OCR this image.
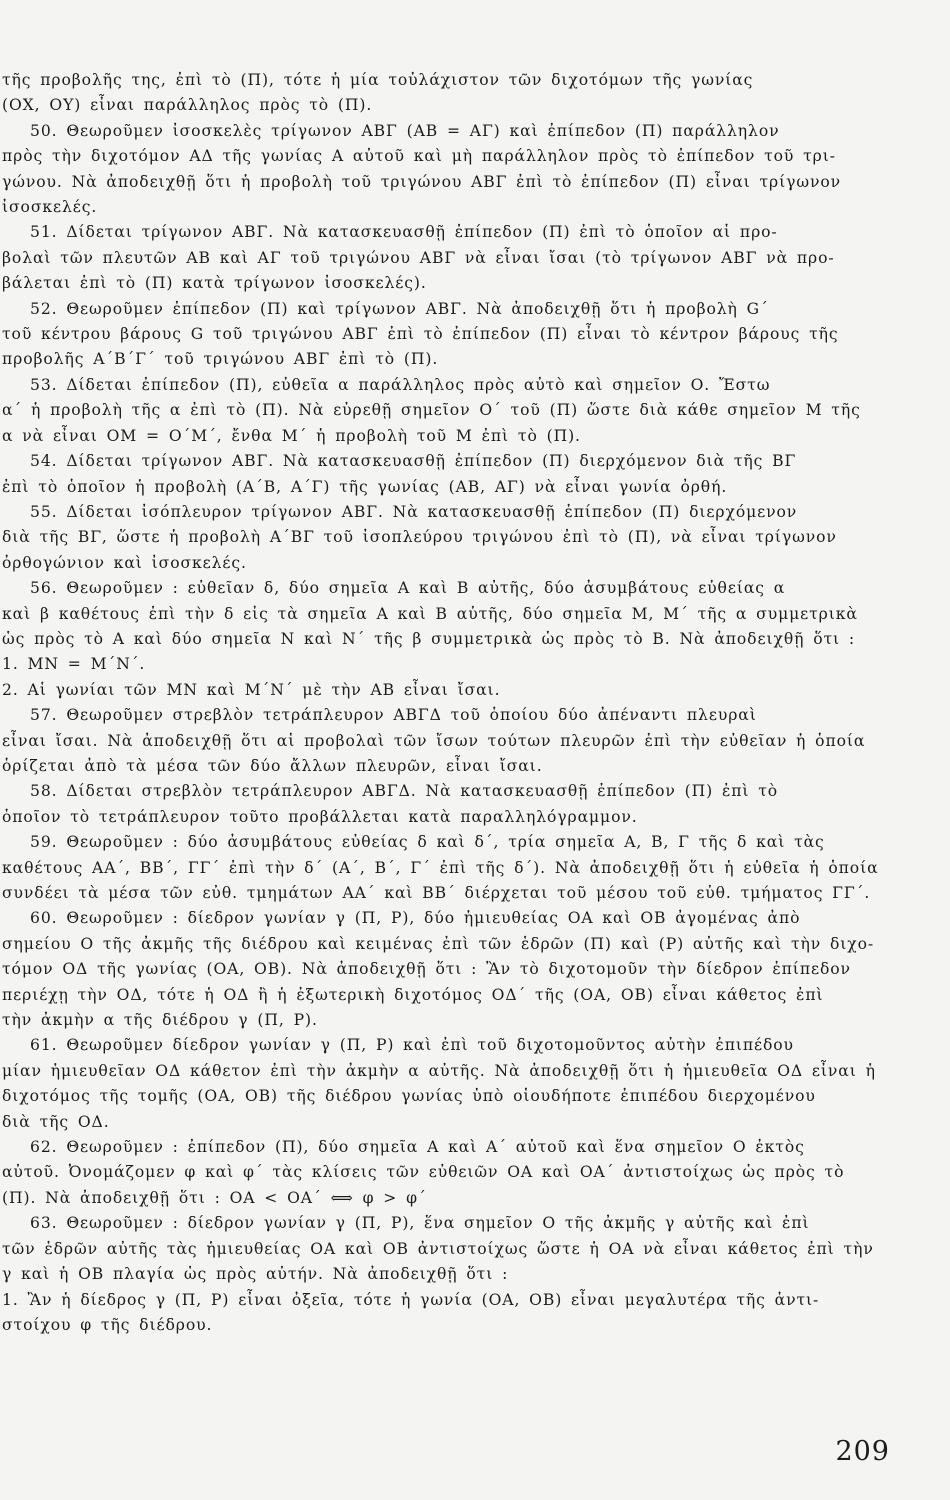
τῆς προβολῆς της, ἐπὶ τὸ (Π), τότε ἡ μία τοὐλάχιστον τῶν διχοτόμων τῆς γωνίας
(ΟΧ, ΟΥ) εἶναι παράλληλος πρὸς τὸ (Π).
50. Θεωροῦμεν ἰσοσκελὲς τρίγωνον ΑΒΓ (ΑΒ = ΑΓ) καὶ ἐπίπεδον (Π) παράλληλον
πρὸς τὴν διχοτόμον ΑΔ τῆς γωνίας Α αὐτοῦ καὶ μὴ παράλληλον πρὸς τὸ ἐπίπεδον τοῦ τρι-
γώνου. Νὰ ἀποδειχθῇ ὅτι ἡ προβολὴ τοῦ τριγώνου ΑΒΓ ἐπὶ τὸ ἐπίπεδον (Π) εἶναι τρίγωνον
ἰσοσκελές.
51. Δίδεται τρίγωνον ΑΒΓ. Νὰ κατασκευασθῇ ἐπίπεδον (Π) ἐπὶ τὸ ὁποῖον αἱ προ-
βολαὶ τῶν πλευτῶν ΑΒ καὶ ΑΓ τοῦ τριγώνου ΑΒΓ νὰ εἶναι ἴσαι (τὸ τρίγωνον ΑΒΓ νὰ προ-
βάλεται ἐπὶ τὸ (Π) κατὰ τρίγωνον ἰσοσκελές).
52. Θεωροῦμεν ἐπίπεδον (Π) καὶ τρίγωνον ΑΒΓ. Νὰ ἀποδειχθῇ ὅτι ἡ προβολὴ G΄
τοῦ κέντρου βάρους G τοῦ τριγώνου ΑΒΓ ἐπὶ τὸ ἐπίπεδον (Π) εἶναι τὸ κέντρον βάρους τῆς
προβολῆς Α΄Β΄Γ΄ τοῦ τριγώνου ΑΒΓ ἐπὶ τὸ (Π).
53. Δίδεται ἐπίπεδον (Π), εὐθεῖα α παράλληλος πρὸς αὐτὸ καὶ σημεῖον Ο. Ἔστω
α΄ ἡ προβολὴ τῆς α ἐπὶ τὸ (Π). Νὰ εὑρεθῇ σημεῖον Ο΄ τοῦ (Π) ὥστε διὰ κάθε σημεῖον Μ τῆς
α νὰ εἶναι ΟΜ = Ο΄Μ΄, ἔνθα Μ΄ ἡ προβολὴ τοῦ Μ ἐπὶ τὸ (Π).
54. Δίδεται τρίγωνον ΑΒΓ. Νὰ κατασκευασθῇ ἐπίπεδον (Π) διερχόμενον διὰ τῆς ΒΓ
ἐπὶ τὸ ὁποῖον ἡ προβολὴ (Α΄Β, Α΄Γ) τῆς γωνίας (ΑΒ, ΑΓ) νὰ εἶναι γωνία ὀρθή.
55. Δίδεται ἰσόπλευρον τρίγωνον ΑΒΓ. Νὰ κατασκευασθῇ ἐπίπεδον (Π) διερχόμενον
διὰ τῆς ΒΓ, ὥστε ἡ προβολὴ Α΄ΒΓ τοῦ ἰσοπλεύρου τριγώνου ἐπὶ τὸ (Π), νὰ εἶναι τρίγωνον
ὀρθογώνιον καὶ ἰσοσκελές.
56. Θεωροῦμεν : εὐθεῖαν δ, δύο σημεῖα Α καὶ Β αὐτῆς, δύο ἀσυμβάτους εὐθείας α
καὶ β καθέτους ἐπὶ τὴν δ εἰς τὰ σημεῖα Α καὶ Β αὐτῆς, δύο σημεῖα Μ, Μ΄ τῆς α συμμετρικὰ
ὡς πρὸς τὸ Α καὶ δύο σημεῖα Ν καὶ Ν΄ τῆς β συμμετρικὰ ὡς πρὸς τὸ Β. Νὰ ἀποδειχθῇ ὅτι :
1. ΜΝ = Μ΄Ν΄.
2. Αἱ γωνίαι τῶν ΜΝ καὶ Μ΄Ν΄ μὲ τὴν ΑΒ εἶναι ἴσαι.
57. Θεωροῦμεν στρεβλὸν τετράπλευρον ΑΒΓΔ τοῦ ὁποίου δύο ἀπέναντι πλευραὶ
εἶναι ἴσαι. Νὰ ἀποδειχθῇ ὅτι αἱ προβολαὶ τῶν ἴσων τούτων πλευρῶν ἐπὶ τὴν εὐθεῖαν ἡ ὁποία
ὁρίζεται ἀπὸ τὰ μέσα τῶν δύο ἄλλων πλευρῶν, εἶναι ἴσαι.
58. Δίδεται στρεβλὸν τετράπλευρον ΑΒΓΔ. Νὰ κατασκευασθῇ ἐπίπεδον (Π) ἐπὶ τὸ
ὁποῖον τὸ τετράπλευρον τοῦτο προβάλλεται κατὰ παραλληλόγραμμον.
59. Θεωροῦμεν : δύο ἀσυμβάτους εὐθείας δ καὶ δ΄, τρία σημεῖα Α, Β, Γ τῆς δ καὶ τὰς
καθέτους ΑΑ΄, ΒΒ΄, ΓΓ΄ ἐπὶ τὴν δ΄ (Α΄, Β΄, Γ΄ ἐπὶ τῆς δ΄). Νὰ ἀποδειχθῇ ὅτι ἡ εὐθεῖα ἡ ὁποία
συνδέει τὰ μέσα τῶν εὐθ. τμημάτων ΑΑ΄ καὶ ΒΒ΄ διέρχεται τοῦ μέσου τοῦ εὐθ. τμήματος ΓΓ΄.
60. Θεωροῦμεν : δίεδρον γωνίαν γ (Π, Ρ), δύο ἡμιευθείας ΟΑ καὶ ΟΒ ἀγομένας ἀπὸ
σημείου Ο τῆς ἀκμῆς τῆς διέδρου καὶ κειμένας ἐπὶ τῶν ἑδρῶν (Π) καὶ (Ρ) αὐτῆς καὶ τὴν διχο-
τόμον ΟΔ τῆς γωνίας (ΟΑ, ΟΒ). Νὰ ἀποδειχθῇ ὅτι : Ἂν τὸ διχοτομοῦν τὴν δίεδρον ἐπίπεδον
περιέχῃ τὴν ΟΔ, τότε ἡ ΟΔ ἢ ἡ ἐξωτερικὴ διχοτόμος ΟΔ΄ τῆς (ΟΑ, ΟΒ) εἶναι κάθετος ἐπὶ
τὴν ἀκμὴν α τῆς διέδρου γ (Π, Ρ).
61. Θεωροῦμεν δίεδρον γωνίαν γ (Π, Ρ) καὶ ἐπὶ τοῦ διχοτομοῦντος αὐτὴν ἐπιπέδου
μίαν ἡμιευθεῖαν ΟΔ κάθετον ἐπὶ τὴν ἀκμὴν α αὐτῆς. Νὰ ἀποδειχθῇ ὅτι ἡ ἡμιευθεῖα ΟΔ εἶναι ἡ
διχοτόμος τῆς τομῆς (ΟΑ, ΟΒ) τῆς διέδρου γωνίας ὑπὸ οἱουδήποτε ἐπιπέδου διερχομένου
διὰ τῆς ΟΔ.
62. Θεωροῦμεν : ἐπίπεδον (Π), δύο σημεῖα Α καὶ Α΄ αὐτοῦ καὶ ἕνα σημεῖον Ο ἐκτὸς
αὐτοῦ. Ὀνομάζομεν φ καὶ φ΄ τὰς κλίσεις τῶν εὐθειῶν ΟΑ καὶ ΟΑ΄ ἀντιστοίχως ὡς πρὸς τὸ
(Π). Νὰ ἀποδειχθῇ ὅτι : ΟΑ < ΟΑ΄ ⟺ φ > φ΄
63. Θεωροῦμεν : δίεδρον γωνίαν γ (Π, Ρ), ἕνα σημεῖον Ο τῆς ἀκμῆς γ αὐτῆς καὶ ἐπὶ
τῶν ἑδρῶν αὐτῆς τὰς ἡμιευθείας ΟΑ καὶ ΟΒ ἀντιστοίχως ὥστε ἡ ΟΑ νὰ εἶναι κάθετος ἐπὶ τὴν
γ καὶ ἡ ΟΒ πλαγία ὡς πρὸς αὐτήν. Νὰ ἀποδειχθῇ ὅτι :
1. Ἂν ἡ δίεδρος γ (Π, Ρ) εἶναι ὀξεῖα, τότε ἡ γωνία (ΟΑ, ΟΒ) εἶναι μεγαλυτέρα τῆς ἀντι-
στοίχου φ τῆς διέδρου.
209
